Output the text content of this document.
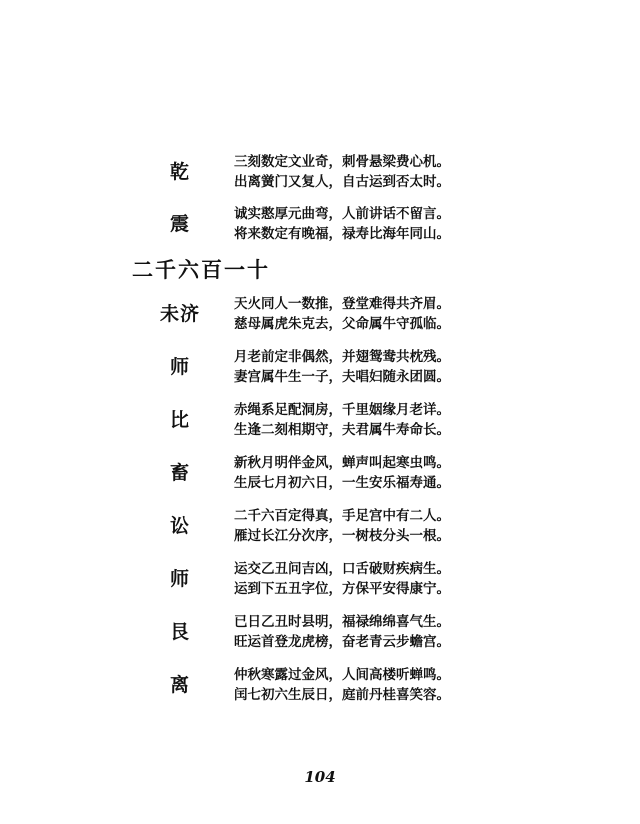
乾	三刻数定文业奇，刺骨悬梁费心机。
出离黉门又复人，自古运到否太时。
震	诚实憨厚元曲弯，人前讲话不留言。
将来数定有晚福，禄寿比海年同山。
二千六百一十
未济	天火同人一数推，登堂难得共齐眉。
慈母属虎朱克去，父命属牛守孤临。
师	月老前定非偶然，并翅鸳鸯共枕残。
妻宫属牛生一子，夫唱妇随永团圆。
比	赤绳系足配洞房，千里姻缘月老详。
生逢二刻相期守，夫君属牛寿命长。
畜	新秋月明伴金风，蝉声叫起寒虫鸣。
生辰七月初六日，一生安乐福寿通。
讼	二千六百定得真，手足宫中有二人。
雁过长江分次序，一树枝分头一根。
师	运交乙丑问吉凶，口舌破财疾病生。
运到下五丑字位，方保平安得康宁。
艮	已日乙丑时县明，福禄绵绵喜气生。
旺运首登龙虎榜，奋老青云步蟾宫。
离	仲秋寒露过金风，人间高楼听蝉鸣。
闰七初六生辰日，庭前丹桂喜笑容。
104
